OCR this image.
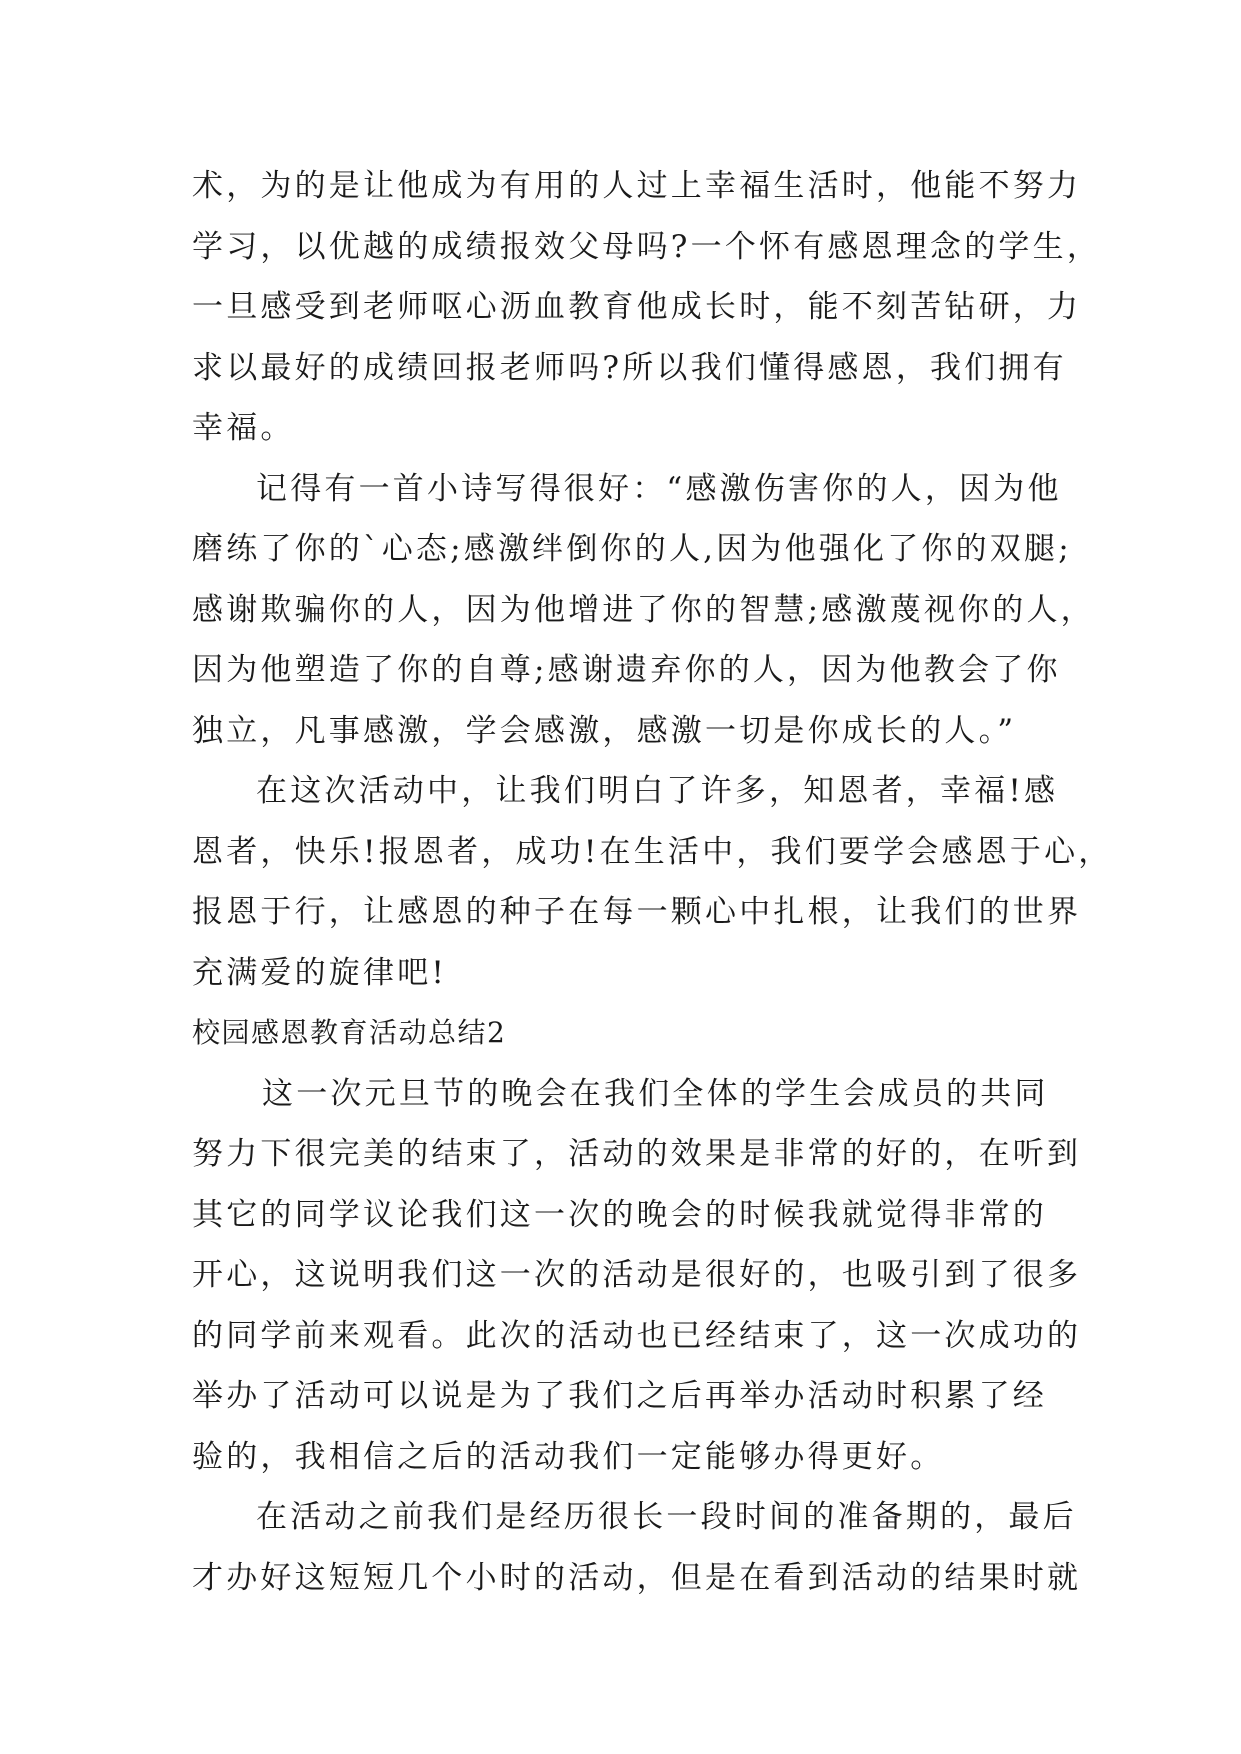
术，为的是让他成为有用的人过上幸福生活时，他能不努力
学习，以优越的成绩报效父母吗?一个怀有感恩理念的学生，
一旦感受到老师呕心沥血教育他成长时，能不刻苦钻研，力
求以最好的成绩回报老师吗?所以我们懂得感恩，我们拥有
幸福。
记得有一首小诗写得很好：“感激伤害你的人，因为他
磨练了你的`心态;感激绊倒你的人,因为他强化了你的双腿;
感谢欺骗你的人，因为他增进了你的智慧;感激蔑视你的人，
因为他塑造了你的自尊;感谢遗弃你的人，因为他教会了你
独立，凡事感激，学会感激，感激一切是你成长的人。”
在这次活动中，让我们明白了许多，知恩者，幸福!感
恩者，快乐!报恩者，成功!在生活中，我们要学会感恩于心，
报恩于行，让感恩的种子在每一颗心中扎根，让我们的世界
充满爱的旋律吧!
校园感恩教育活动总结2
这一次元旦节的晚会在我们全体的学生会成员的共同
努力下很完美的结束了，活动的效果是非常的好的，在听到
其它的同学议论我们这一次的晚会的时候我就觉得非常的
开心，这说明我们这一次的活动是很好的，也吸引到了很多
的同学前来观看。此次的活动也已经结束了，这一次成功的
举办了活动可以说是为了我们之后再举办活动时积累了经
验的，我相信之后的活动我们一定能够办得更好。
在活动之前我们是经历很长一段时间的准备期的，最后
才办好这短短几个小时的活动，但是在看到活动的结果时就
